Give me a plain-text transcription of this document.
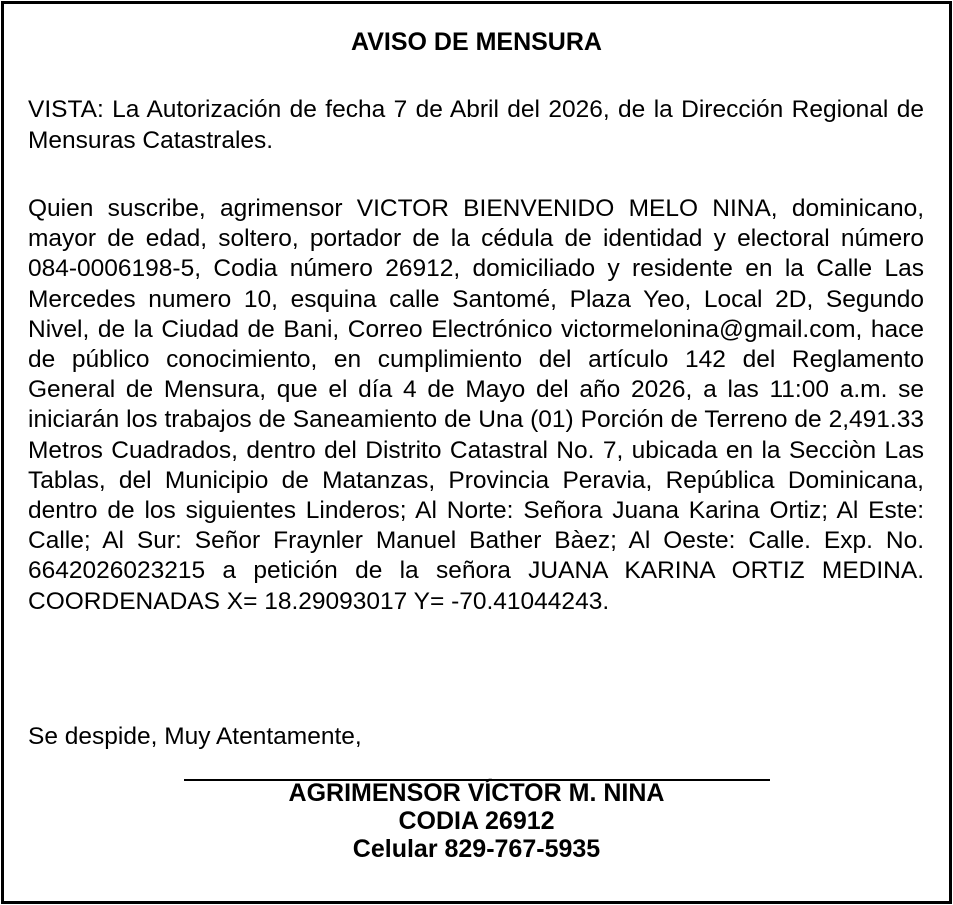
AVISO DE MENSURA
VISTA: La Autorización de fecha 7 de Abril del 2026, de la Dirección Regional de Mensuras Catastrales.
Quien suscribe, agrimensor VICTOR BIENVENIDO MELO NINA, dominicano, mayor de edad, soltero, portador de la cédula de identidad y electoral número 084-0006198-5, Codia número 26912, domiciliado y residente en la Calle Las Mercedes numero 10, esquina calle Santomé, Plaza Yeo, Local 2D, Segundo Nivel, de la Ciudad de Bani, Correo Electrónico victormelonina@gmail.com, hace de público conocimiento, en cumplimiento del artículo 142 del Reglamento General de Mensura, que el día 4 de Mayo del año 2026, a las 11:00 a.m. se iniciarán los trabajos de Saneamiento de Una (01) Porción de Terreno de 2,491.33 Metros Cuadrados, dentro del Distrito Catastral No. 7, ubicada en la Secciòn Las Tablas, del Municipio de Matanzas, Provincia Peravia, República Dominicana, dentro de los siguientes Linderos; Al Norte: Señora Juana Karina Ortiz; Al Este: Calle; Al Sur: Señor Fraynler Manuel Bather Bàez; Al Oeste: Calle. Exp. No. 6642026023215 a petición de la señora JUANA KARINA ORTIZ MEDINA. COORDENADAS X= 18.29093017 Y= -70.41044243.
Se despide, Muy Atentamente,
AGRIMENSOR VÍCTOR M. NINA
CODIA 26912
Celular 829-767-5935
